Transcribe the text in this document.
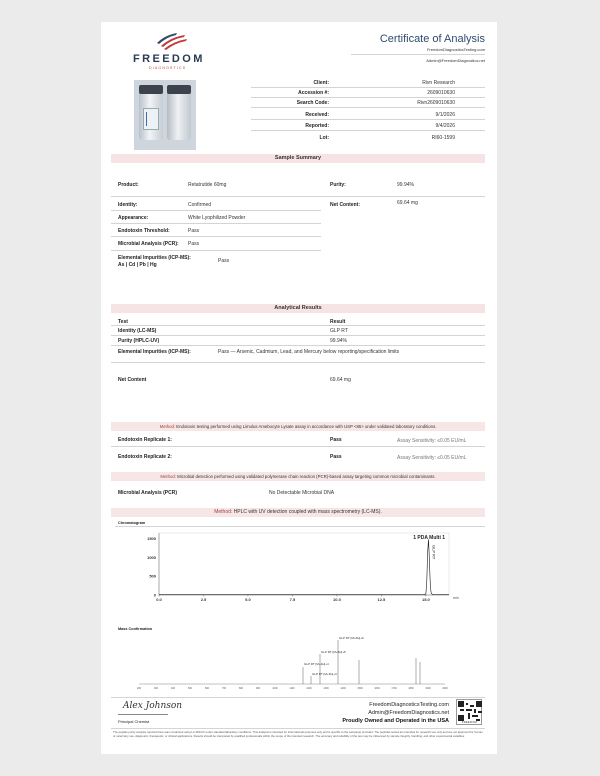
FREEDOM
DIAGNOSTICS
Certificate of Analysis
FreedomDiagnosticsTesting.com
Admin@FreedomDiagnostics.net
Client:	Rivn Research
Accession #:	2609010630
Search Code:	Rivn2609010630
Received:	9/1/2026
Reported:	9/4/2026
Lot:	RI60-1599
Sample Summary
Product:	Retatrutide 60mg	Purity:	99.94%
Identity:	Confirmed	Net Content:	69.64 mg
Appearance:	White Lyophilized Powder
Endotoxin Threshold:	Pass
Microbial Analysis (PCR): Pass
Elemental Impurities (ICP-MS):
As | Cd | Pb | Hg
Pass
Analytical Results
Test	Result
Identity (LC-MS)	GLP RT
Purity (HPLC-UV)	99.94%
Elemental Impurities (ICP-MS):	Pass — Arsenic, Cadmium, Lead, and Mercury below reporting/specification limits
Net Content	69.64 mg
Method: Endotoxin testing performed using Limulus Amebocyte Lysate assay in accordance with USP <85> under validated laboratory conditions.
Endotoxin Replicate 1:	Pass	Assay Sensitivity: ≤0.05 EU/mL
Endotoxin Replicate 2:	Pass	Assay Sensitivity: ≤0.05 EU/mL
Method: Microbial detection performed using validated polymerase chain reaction (PCR)-based assay targeting common microbial contaminants.
Microbial Analysis (PCR)	No Detectable Microbial DNA
Method: HPLC with UV detection coupled with mass spectrometry (LC-MS).
Chromatogram
0
500
1000
1500
0.0	2.5	5.0	7.5	10.0	12.5	15.0
1 PDA Multi 1
GLP RT
min
Mass Confirmation
200	300	400	500	600	700	800	900	1000	1100	1200	1300	1400	1500	1600	1700	1800	1900	2000
GLP RT [M+6H]+6
GLP RT [M+5H]+5
GLP RT [M+4H]+4
GLP RT [M+3H]+3
Alex Johnson
Principal Chemist
FreedomDiagnosticsTesting.com
Admin@FreedomDiagnostics.net
Proudly Owned and Operated in the USA	FREEDOM
The peptide purity analysis reported here was conducted using LC-MS/UV under standard laboratory conditions. This analysis is intended for informational purposes only and is specific to the sample(s) provided. The peptides tested are intended for research use only and are not approved for human or veterinary use, diagnostic, therapeutic, or clinical applications. Results should be interpreted by qualified professionals within the scope of the intended research. The accuracy and reliability of the test may be influenced by sample integrity, handling, and other experimental variables.
